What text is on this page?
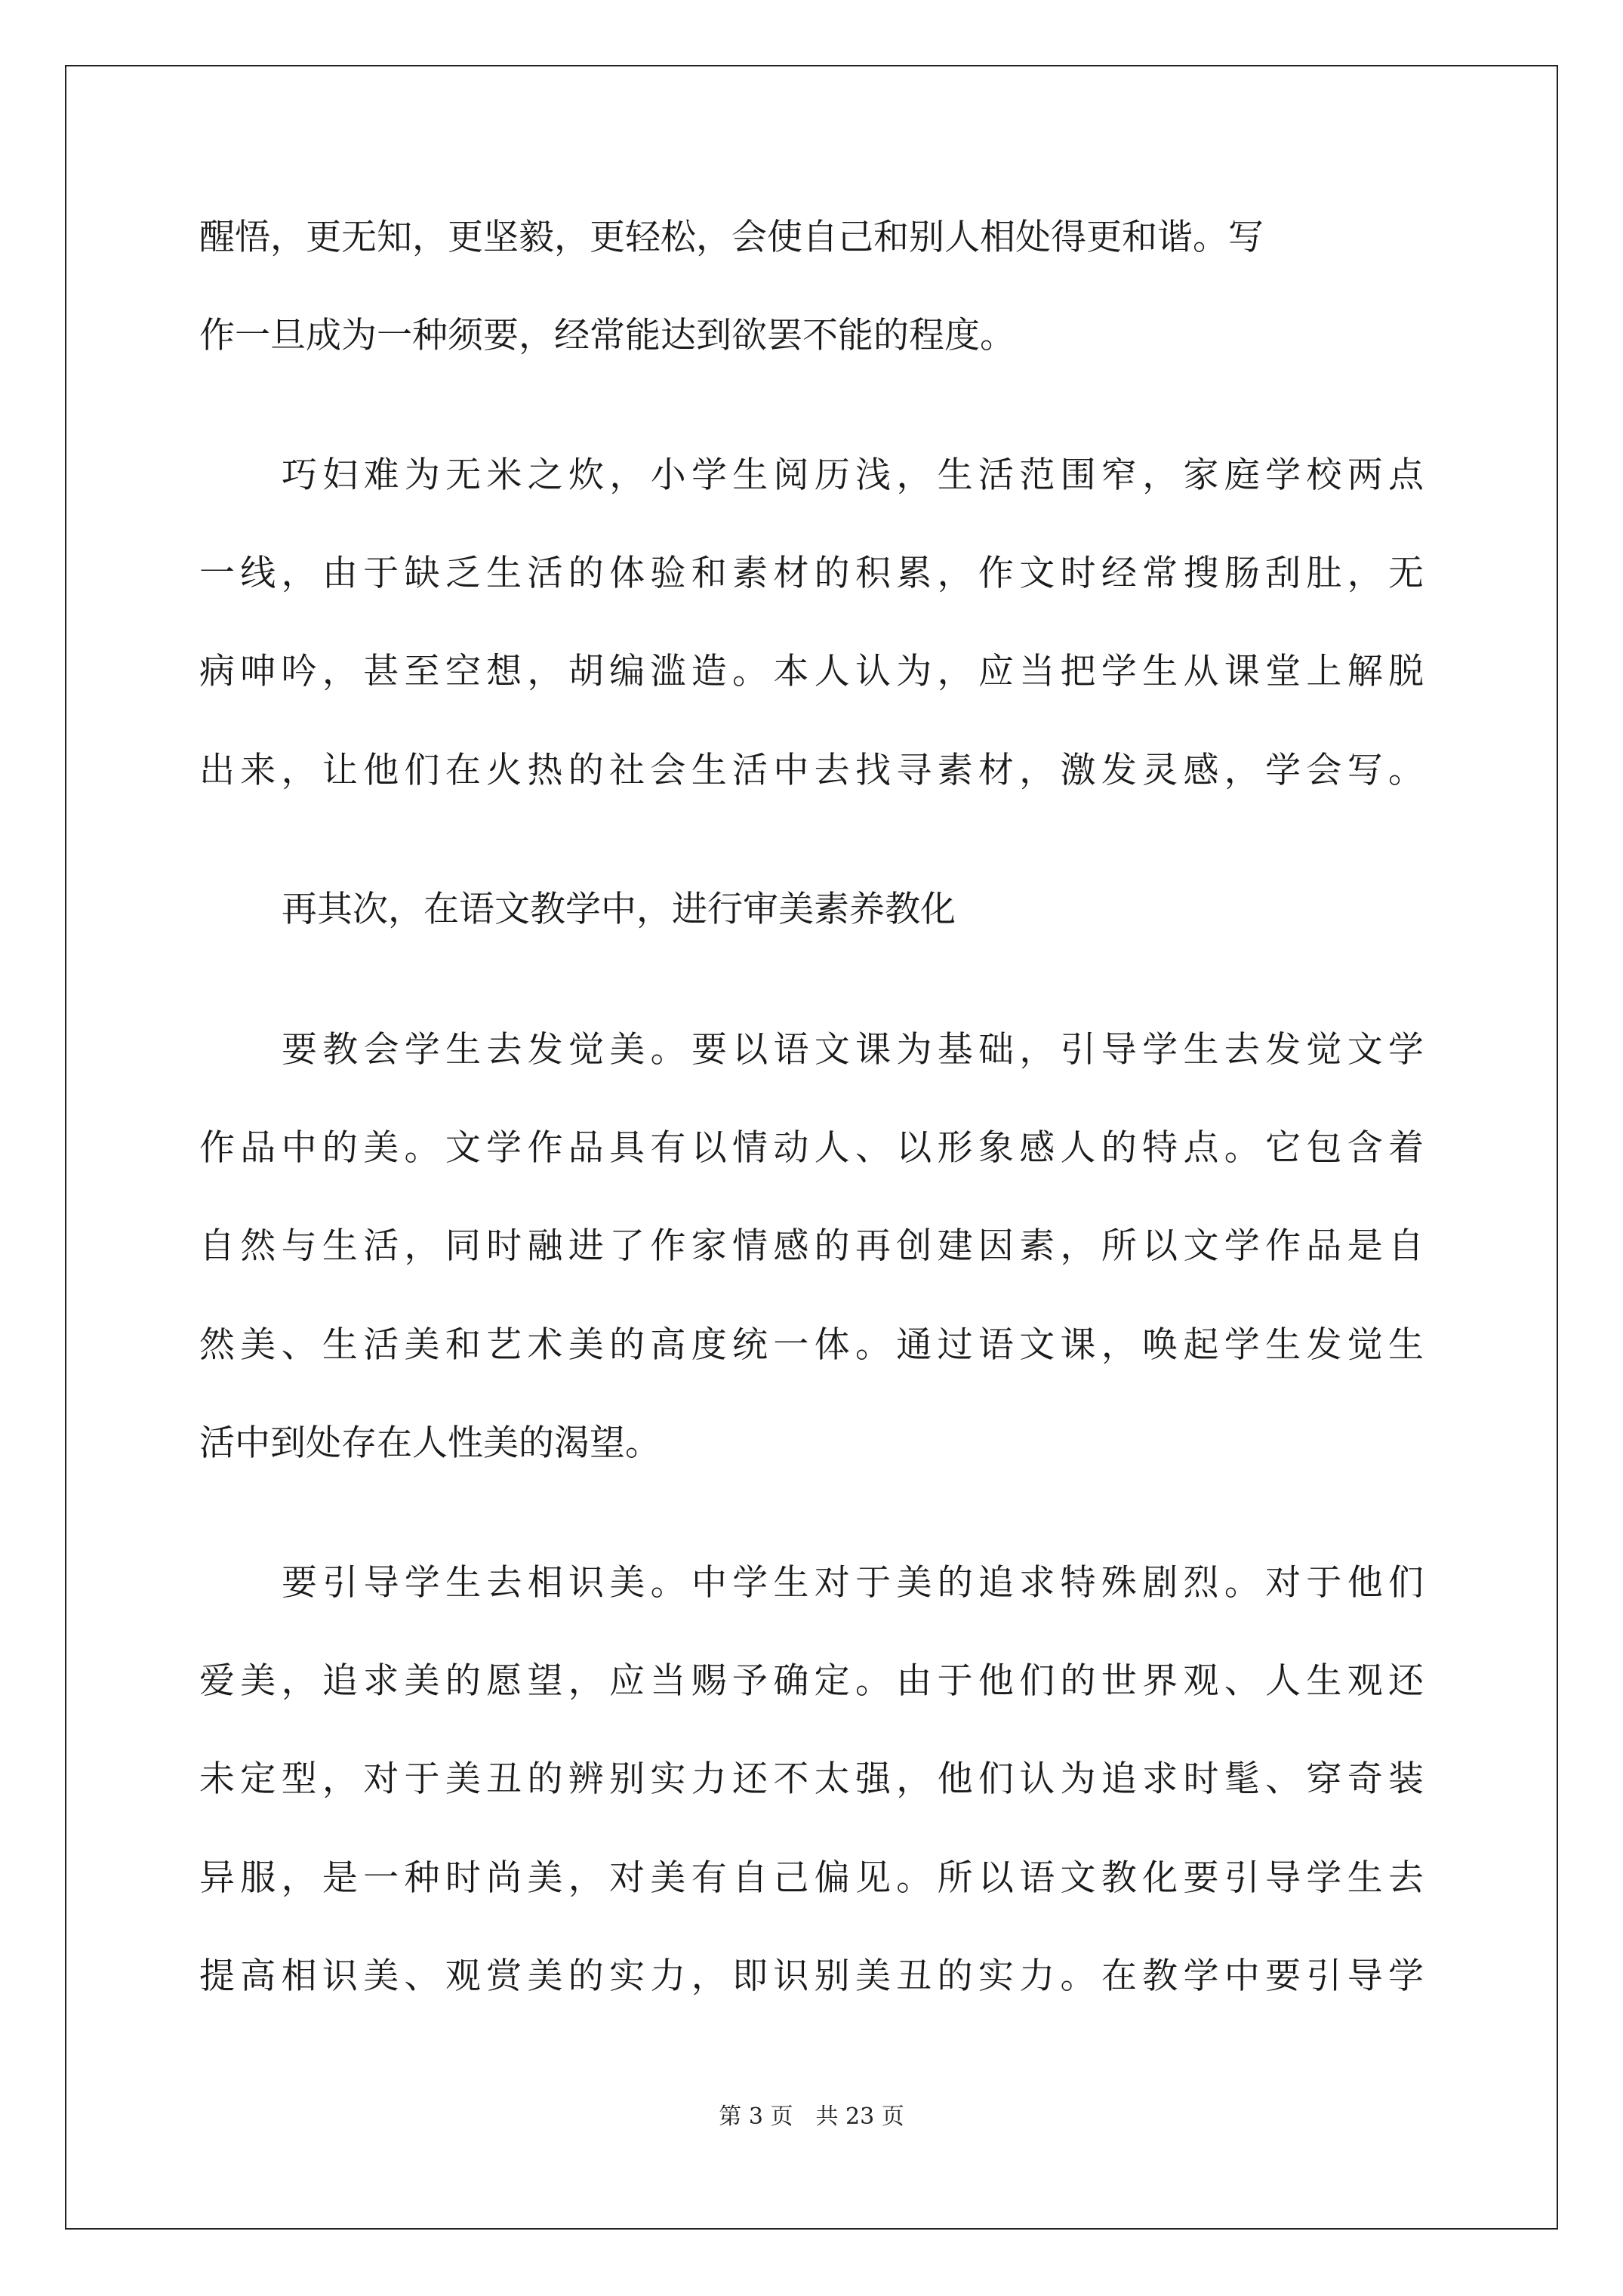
醒悟，更无知，更坚毅，更轻松，会使自己和别人相处得更和谐。写
作一旦成为一种须要，经常能达到欲罢不能的程度。
巧妇难为无米之炊，小学生阅历浅，生活范围窄，家庭学校两点
一线，由于缺乏生活的体验和素材的积累，作文时经常搜肠刮肚，无
病呻吟，甚至空想，胡编滥造。本人认为，应当把学生从课堂上解脱
出来，让他们在火热的社会生活中去找寻素材，激发灵感，学会写。
再其次，在语文教学中，进行审美素养教化
要教会学生去发觉美。要以语文课为基础，引导学生去发觉文学
作品中的美。文学作品具有以情动人、以形象感人的特点。它包含着
自然与生活，同时融进了作家情感的再创建因素，所以文学作品是自
然美、生活美和艺术美的高度统一体。通过语文课，唤起学生发觉生
活中到处存在人性美的渴望。
要引导学生去相识美。中学生对于美的追求特殊剧烈。对于他们
爱美，追求美的愿望，应当赐予确定。由于他们的世界观、人生观还
未定型，对于美丑的辨别实力还不太强，他们认为追求时髦、穿奇装
异服，是一种时尚美，对美有自己偏见。所以语文教化要引导学生去
提高相识美、观赏美的实力，即识别美丑的实力。在教学中要引导学
第 3 页　共 23 页
